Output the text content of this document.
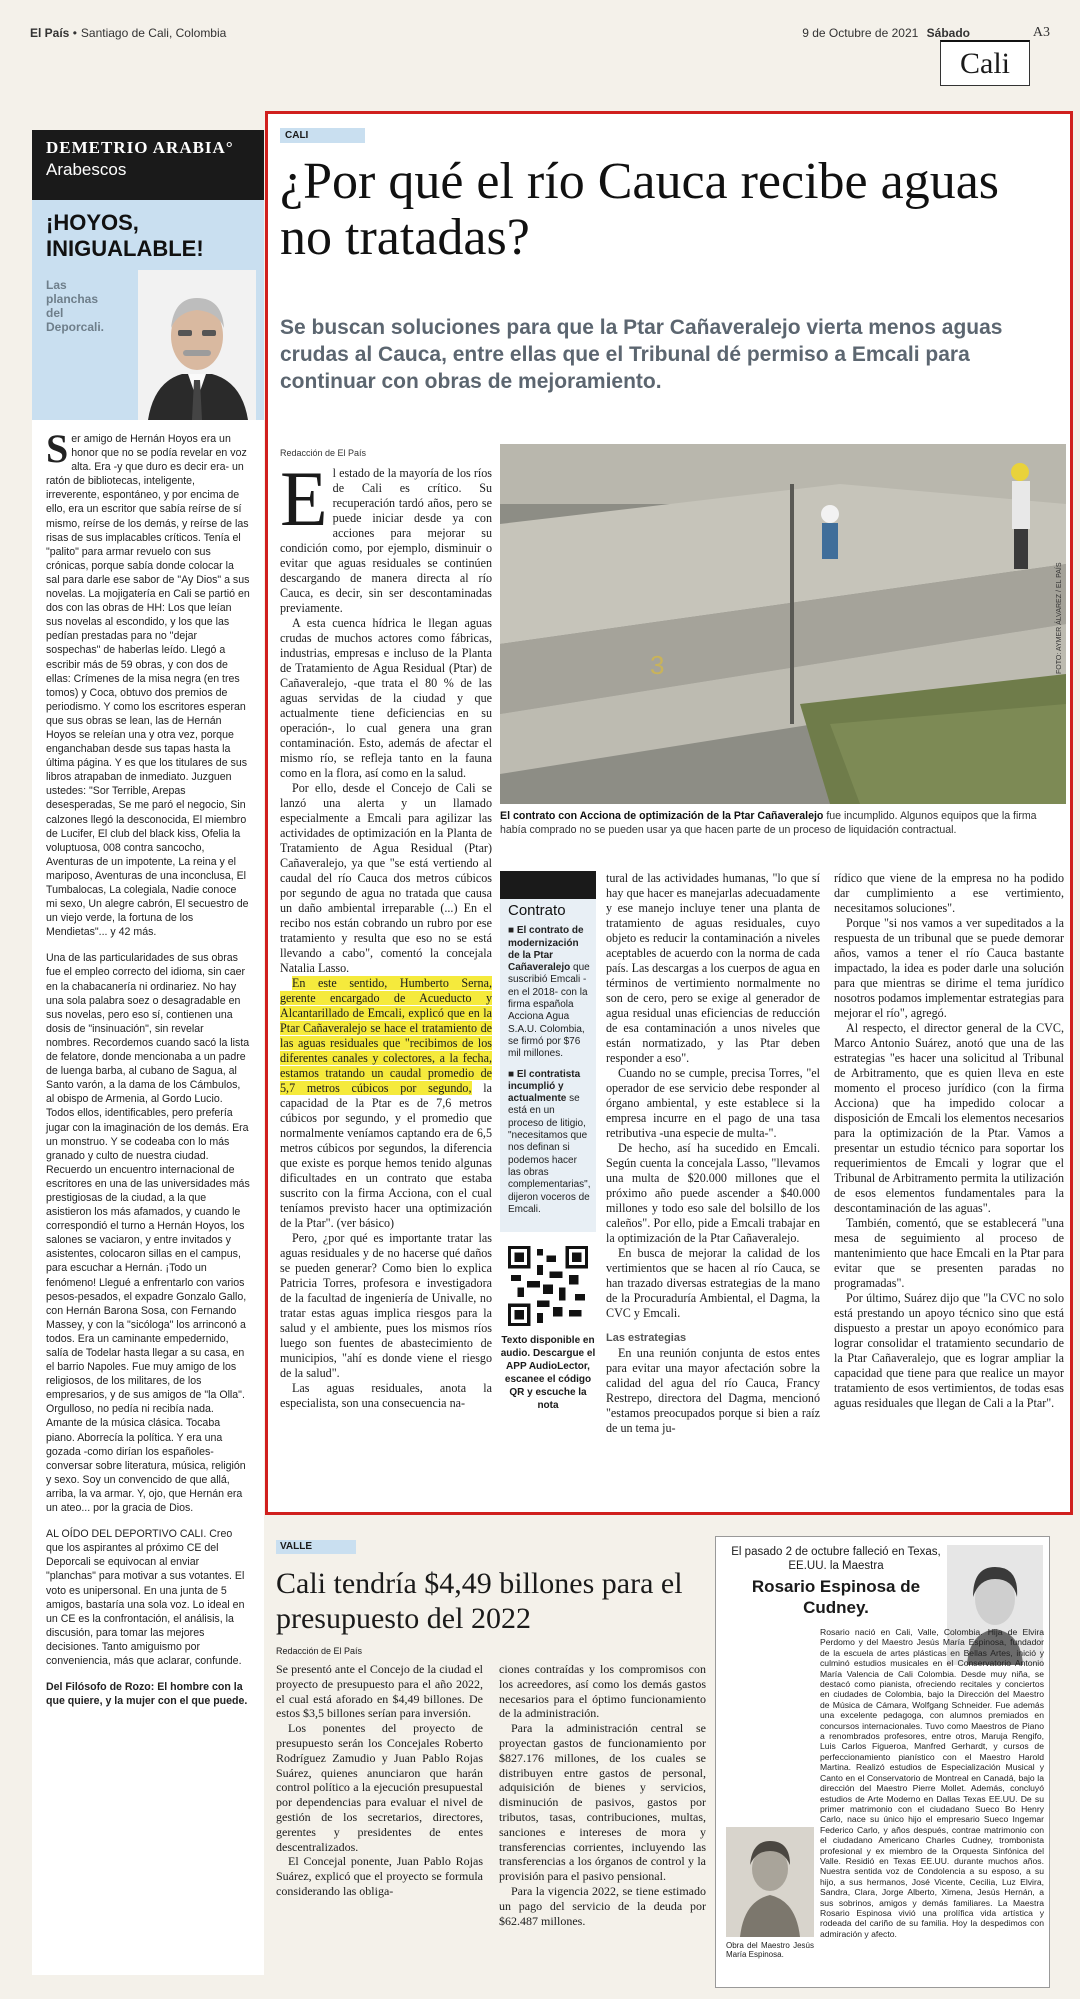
El País • Santiago de Cali, Colombia	9 de Octubre de 2021 Sábado	A3
Cali
DEMETRIO ARABIA°
Arabescos
¡HOYOS,
INIGUALABLE!
Las planchas del Deporcali.

Ser amigo de Hernán Hoyos era un honor que no se podía revelar en voz alta. Era -y que duro es decir era- un ratón de bibliotecas, inteligente, irreverente, espontáneo, y por encima de ello, era un escritor que sabía reírse de sí mismo, reírse de los demás, y reírse de las risas de sus implacables críticos. Tenía el "palito" para armar revuelo con sus crónicas, porque sabía donde colocar la sal para darle ese sabor de "Ay Dios" a sus novelas. La mojigatería en Cali se partió en dos con las obras de HH: Los que leían sus novelas al escondido, y los que las pedían prestadas para no "dejar sospechas" de haberlas leído. Llegó a escribir más de 59 obras, y con dos de ellas: Crímenes de la misa negra (en tres tomos) y Coca, obtuvo dos premios de periodismo. Y como los escritores esperan que sus obras se lean, las de Hernán Hoyos se releían una y otra vez, porque enganchaban desde sus tapas hasta la última página. Y es que los titulares de sus libros atrapaban de inmediato. Juzguen ustedes: "Sor Terrible, Arepas desesperadas, Se me paró el negocio, Sin calzones llegó la desconocida, El miembro de Lucifer, El club del black kiss, Ofelia la voluptuosa, 008 contra sancocho, Aventuras de un impotente, La reina y el mariposo, Aventuras de una inconclusa, El Tumbalocas, La colegiala, Nadie conoce mi sexo, Un alegre cabrón, El secuestro de un viejo verde, la fortuna de los Mendietas"... y 42 más.

Una de las particularidades de sus obras fue el empleo correcto del idioma, sin caer en la chabacanería ni ordinariez. No hay una sola palabra soez o desagradable en sus novelas, pero eso sí, contienen una dosis de "insinuación", sin revelar nombres. Recordemos cuando sacó la lista de felatore, donde mencionaba a un padre de luenga barba, al cubano de Sagua, al Santo varón, a la dama de los Cámbulos, al obispo de Armenia, al Gordo Lucio. Todos ellos, identificables, pero prefería jugar con la imaginación de los demás. Era un monstruo. Y se codeaba con lo más granado y culto de nuestra ciudad. Recuerdo un encuentro internacional de escritores en una de las universidades más prestigiosas de la ciudad, a la que asistieron los más afamados, y cuando le correspondió el turno a Hernán Hoyos, los salones se vaciaron, y entre invitados y asistentes, colocaron sillas en el campus, para escuchar a Hernán. ¡Todo un fenómeno! Llegué a enfrentarlo con varios pesos-pesados, el expadre Gonzalo Gallo, con Hernán Barona Sosa, con Fernando Massey, y con la "sicóloga" los arrinconó a todos. Era un caminante empedernido, salía de Todelar hasta llegar a su casa, en el barrio Napoles. Fue muy amigo de los religiosos, de los militares, de los empresarios, y de sus amigos de "la Olla". Orgulloso, no pedía ni recibía nada. Amante de la música clásica. Tocaba piano. Aborrecía la política. Y era una gozada -como dirían los españoles- conversar sobre literatura, música, religión y sexo. Soy un convencido de que allá, arriba, la va armar. Y, ojo, que Hernán era un ateo... por la gracia de Dios.

AL OÍDO DEL DEPORTIVO CALI. Creo que los aspirantes al próximo CE del Deporcali se equivocan al enviar "planchas" para motivar a sus votantes. El voto es unipersonal. En una junta de 5 amigos, bastaría una sola voz. Lo ideal en un CE es la confrontación, el análisis, la discusión, para tomar las mejores decisiones. Tanto amiguismo por conveniencia, más que aclarar, confunde.

Del Filósofo de Rozo: El hombre con la que quiere, y la mujer con el que puede.

CALI
¿Por qué el río Cauca recibe aguas no tratadas?
Se buscan soluciones para que la Ptar Cañaveralejo vierta menos aguas crudas al Cauca, entre ellas que el Tribunal dé permiso a Emcali para continuar con obras de mejoramiento.
Redacción de El País
3	FOTO: AYMER ÁLVAREZ / EL PAÍS
El contrato con Acciona de optimización de la Ptar Cañaveralejo fue incumplido. Algunos equipos que la firma había comprado no se pueden usar ya que hacen parte de un proceso de liquidación contractual.

El estado de la mayoría de los ríos de Cali es crítico. Su recuperación tardó años, pero se puede iniciar desde ya con acciones para mejorar su condición como, por ejemplo, disminuir o evitar que aguas residuales se continúen descargando de manera directa al río Cauca, es decir, sin ser descontaminadas previamente.

A esta cuenca hídrica le llegan aguas crudas de muchos actores como fábricas, industrias, empresas e incluso de la Planta de Tratamiento de Agua Residual (Ptar) de Cañaveralejo, -que trata el 80 % de las aguas servidas de la ciudad y que actualmente tiene deficiencias en su operación-, lo cual genera una gran contaminación. Esto, además de afectar el mismo río, se refleja tanto en la fauna como en la flora, así como en la salud.

Por ello, desde el Concejo de Cali se lanzó una alerta y un llamado especialmente a Emcali para agilizar las actividades de optimización en la Planta de Tratamiento de Agua Residual (Ptar) Cañaveralejo, ya que "se está vertiendo al caudal del río Cauca dos metros cúbicos por segundo de agua no tratada que causa un daño ambiental irreparable (...) En el recibo nos están cobrando un rubro por ese tratamiento y resulta que eso no se está llevando a cabo", comentó la concejala Natalia Lasso.

En este sentido, Humberto Serna, gerente encargado de Acueducto y Alcantarillado de Emcali, explicó que en la Ptar Cañaveralejo se hace el tratamiento de las aguas residuales que "recibimos de los diferentes canales y colectores, a la fecha, estamos tratando un caudal promedio de 5,7 metros cúbicos por segundo, la capacidad de la Ptar es de 7,6 metros cúbicos por segundo, y el promedio que normalmente veníamos captando era de 6,5 metros cúbicos por segundos, la diferencia que existe es porque hemos tenido algunas dificultades en un contrato que estaba suscrito con la firma Acciona, con el cual teníamos previsto hacer una optimización de la Ptar". (ver básico)

Pero, ¿por qué es importante tratar las aguas residuales y de no hacerse qué daños se pueden generar? Como bien lo explica Patricia Torres, profesora e investigadora de la facultad de ingeniería de Univalle, no tratar estas aguas implica riesgos para la salud y el ambiente, pues los mismos ríos luego son fuentes de abastecimiento de municipios, "ahí es donde viene el riesgo de la salud".

Las aguas residuales, anota la especialista, son una consecuencia na-

Contrato
■ El contrato de modernización de la Ptar Cañaveralejo que suscribió Emcali -en el 2018- con la firma española Acciona Agua S.A.U. Colombia, se firmó por $76 mil millones.
■ El contratista incumplió y actualmente se está en un proceso de litigio, "necesitamos que nos definan si podemos hacer las obras complementarias", dijeron voceros de Emcali.
Texto disponible en audio. Descargue el APP AudioLector, escanee el código QR y escuche la nota

tural de las actividades humanas, "lo que sí hay que hacer es manejarlas adecuadamente y ese manejo incluye tener una planta de tratamiento de aguas residuales, cuyo objeto es reducir la contaminación a niveles aceptables de acuerdo con la norma de cada país. Las descargas a los cuerpos de agua en términos de vertimiento normalmente no son de cero, pero se exige al generador de agua residual unas eficiencias de reducción de esa contaminación a unos niveles que están normatizado, y las Ptar deben responder a eso".

Cuando no se cumple, precisa Torres, "el operador de ese servicio debe responder al órgano ambiental, y este establece si la empresa incurre en el pago de una tasa retributiva -una especie de multa-".

De hecho, así ha sucedido en Emcali. Según cuenta la concejala Lasso, "llevamos una multa de $20.000 millones que el próximo año puede ascender a $40.000 millones y todo eso sale del bolsillo de los caleños". Por ello, pide a Emcali trabajar en la optimización de la Ptar Cañaveralejo.

En busca de mejorar la calidad de los vertimientos que se hacen al río Cauca, se han trazado diversas estrategias de la mano de la Procuraduría Ambiental, el Dagma, la CVC y Emcali.

Las estrategias

En una reunión conjunta de estos entes para evitar una mayor afectación sobre la calidad del agua del río Cauca, Francy Restrepo, directora del Dagma, mencionó "estamos preocupados porque si bien a raíz de un tema ju-

rídico que viene de la empresa no ha podido dar cumplimiento a ese vertimiento, necesitamos soluciones".

Porque "si nos vamos a ver supeditados a la respuesta de un tribunal que se puede demorar años, vamos a tener el río Cauca bastante impactado, la idea es poder darle una solución para que mientras se dirime el tema jurídico nosotros podamos implementar estrategias para mejorar el río", agregó.

Al respecto, el director general de la CVC, Marco Antonio Suárez, anotó que una de las estrategias "es hacer una solicitud al Tribunal de Arbitramento, que es quien lleva en este momento el proceso jurídico (con la firma Acciona) que ha impedido colocar a disposición de Emcali los elementos necesarios para la optimización de la Ptar. Vamos a presentar un estudio técnico para soportar los requerimientos de Emcali y lograr que el Tribunal de Arbitramento permita la utilización de esos elementos fundamentales para la descontaminación de las aguas".

También, comentó, que se establecerá "una mesa de seguimiento al proceso de mantenimiento que hace Emcali en la Ptar para evitar que se presenten paradas no programadas".

Por último, Suárez dijo que "la CVC no solo está prestando un apoyo técnico sino que está dispuesto a prestar un apoyo económico para lograr consolidar el tratamiento secundario de la Ptar Cañaveralejo, que es lograr ampliar la capacidad que tiene para que realice un mayor tratamiento de esos vertimientos, de todas esas aguas residuales que llegan de Cali a la Ptar".

VALLE
Cali tendría $4,49 billones para el presupuesto del 2022
Redacción de El País

Se presentó ante el Concejo de la ciudad el proyecto de presupuesto para el año 2022, el cual está aforado en $4,49 billones. De estos $3,5 billones serían para inversión.

Los ponentes del proyecto de presupuesto serán los Concejales Roberto Rodríguez Zamudio y Juan Pablo Rojas Suárez, quienes anunciaron que harán control político a la ejecución presupuestal por dependencias para evaluar el nivel de gestión de los secretarios, directores, gerentes y presidentes de entes descentralizados.

El Concejal ponente, Juan Pablo Rojas Suárez, explicó que el proyecto se formula considerando las obliga-

ciones contraídas y los compromisos con los acreedores, así como los demás gastos necesarios para el óptimo funcionamiento de la administración.

Para la administración central se proyectan gastos de funcionamiento por $827.176 millones, de los cuales se distribuyen entre gastos de personal, adquisición de bienes y servicios, disminución de pasivos, gastos por tributos, tasas, contribuciones, multas, sanciones e intereses de mora y transferencias corrientes, incluyendo las transferencias a los órganos de control y la provisión para el pasivo pensional.

Para la vigencia 2022, se tiene estimado un pago del servicio de la deuda por $62.487 millones.

El pasado 2 de octubre falleció en Texas, EE.UU. la Maestra
Rosario Espinosa de Cudney.
Obra del Maestro Jesús María Espinosa.
Rosario nació en Cali, Valle, Colombia. Hija de Elvira Perdomo y del Maestro Jesús María Espinosa, fundador de la escuela de artes plásticas en Bellas Artes, inició y culminó estudios musicales en el Conservatorio Antonio María Valencia de Cali Colombia. Desde muy niña, se destacó como pianista, ofreciendo recitales y conciertos en ciudades de Colombia, bajo la Dirección del Maestro de Música de Cámara, Wolfgang Schneider. Fue además una excelente pedagoga, con alumnos premiados en concursos internacionales. Tuvo como Maestros de Piano a renombrados profesores, entre otros, Maruja Rengifo, Luis Carlos Figueroa, Manfred Gerhardt, y cursos de perfeccionamiento pianístico con el Maestro Harold Martina. Realizó estudios de Especialización Musical y Canto en el Conservatorio de Montreal en Canadá, bajo la dirección del Maestro Pierre Mollet. Además, concluyó estudios de Arte Moderno en Dallas Texas EE.UU. De su primer matrimonio con el ciudadano Sueco Bo Henry Carlo, nace su único hijo el empresario Sueco Ingemar Federico Carlo, y años después, contrae matrimonio con el ciudadano Americano Charles Cudney, trombonista profesional y ex miembro de la Orquesta Sinfónica del Valle. Residió en Texas EE.UU. durante muchos años. Nuestra sentida voz de Condolencia a su esposo, a su hijo, a sus hermanos, José Vicente, Cecilia, Luz Elvira, Sandra, Clara, Jorge Alberto, Ximena, Jesús Hernán, a sus sobrinos, amigos y demás familiares. La Maestra Rosario Espinosa vivió una prolífica vida artística y rodeada del cariño de su familia. Hoy la despedimos con admiración y afecto.
